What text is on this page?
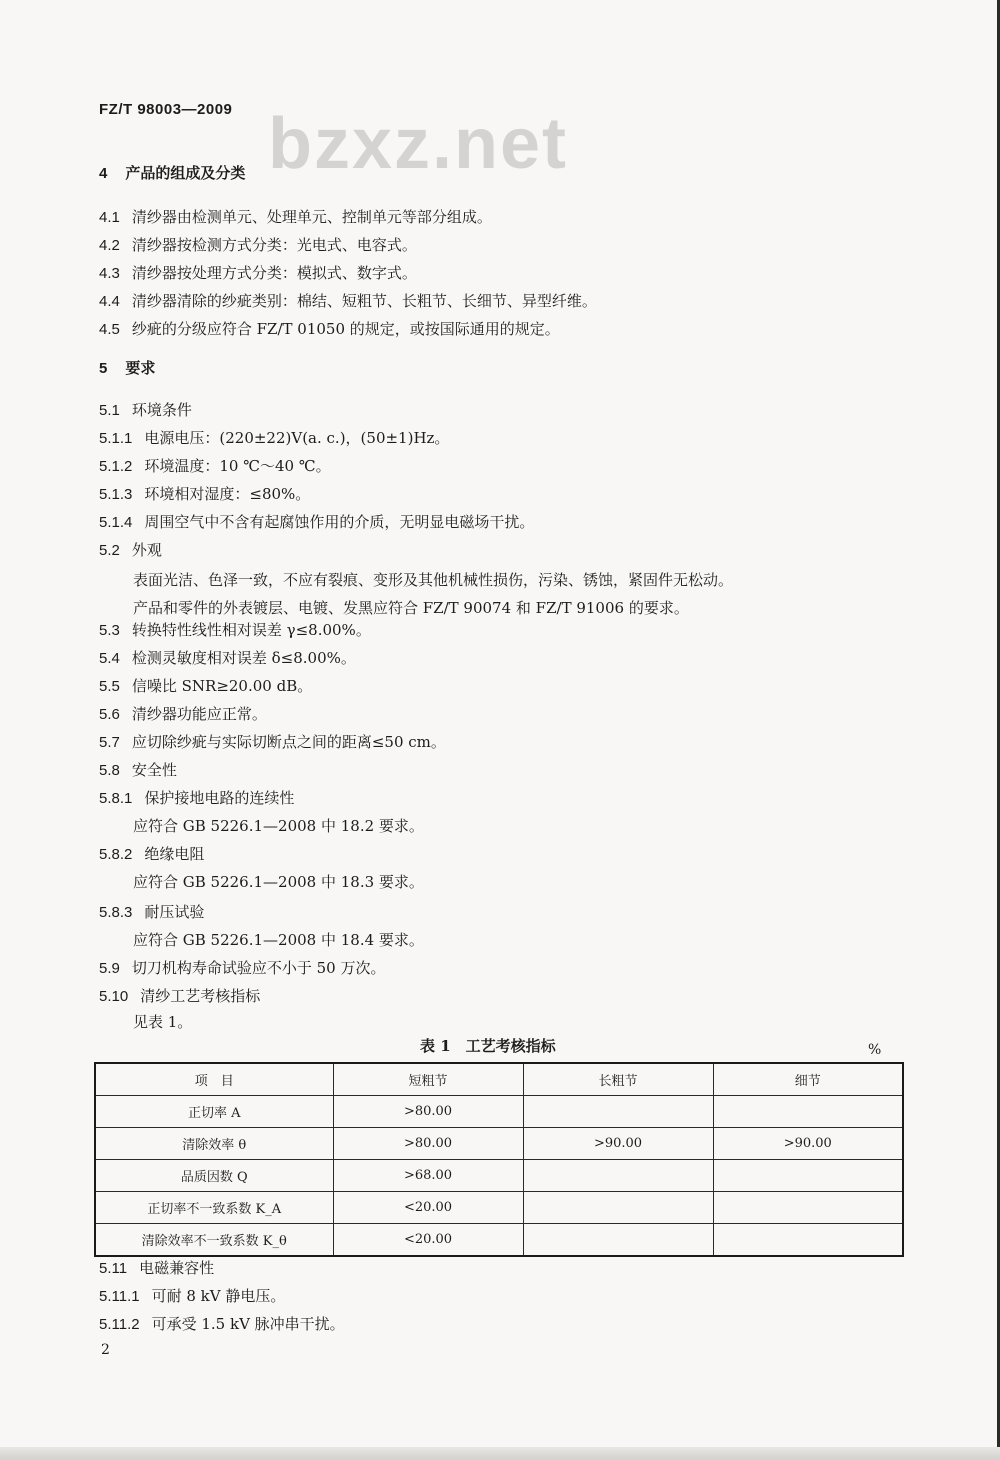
FZ/T 98003—2009 bzxz.net
4 产品的组成及分类
4.1 清纱器由检测单元、处理单元、控制单元等部分组成。
4.2 清纱器按检测方式分类：光电式、电容式。
4.3 清纱器按处理方式分类：模拟式、数字式。
4.4 清纱器清除的纱疵类别：棉结、短粗节、长粗节、长细节、异型纤维。
4.5 纱疵的分级应符合 FZ/T 01050 的规定，或按国际通用的规定。
5 要求
5.1 环境条件
5.1.1 电源电压：(220±22)V(a. c.)，(50±1)Hz。
5.1.2 环境温度：10 ℃～40 ℃。
5.1.3 环境相对湿度：≤80%。
5.1.4 周围空气中不含有起腐蚀作用的介质，无明显电磁场干扰。
5.2 外观
表面光洁、色泽一致，不应有裂痕、变形及其他机械性损伤，污染、锈蚀，紧固件无松动。
产品和零件的外表镀层、电镀、发黑应符合 FZ/T 90074 和 FZ/T 91006 的要求。
5.3 转换特性线性相对误差 γ≤8.00%。
5.4 检测灵敏度相对误差 δ≤8.00%。
5.5 信噪比 SNR≥20.00 dB。
5.6 清纱器功能应正常。
5.7 应切除纱疵与实际切断点之间的距离≤50 cm。
5.8 安全性
5.8.1 保护接地电路的连续性
应符合 GB 5226.1—2008 中 18.2 要求。
5.8.2 绝缘电阻
应符合 GB 5226.1—2008 中 18.3 要求。
5.8.3 耐压试验
应符合 GB 5226.1—2008 中 18.4 要求。
5.9 切刀机构寿命试验应不小于 50 万次。
5.10 清纱工艺考核指标
见表 1。
表 1　工艺考核指标	%
项　目	短粗节	长粗节	细节
正切率 A	>80.00		
清除效率 θ	>80.00	>90.00	>90.00
品质因数 Q	>68.00		
正切率不一致系数 K_A	<20.00		
清除效率不一致系数 K_θ	<20.00		
5.11 电磁兼容性
5.11.1 可耐 8 kV 静电压。
5.11.2 可承受 1.5 kV 脉冲串干扰。
2
